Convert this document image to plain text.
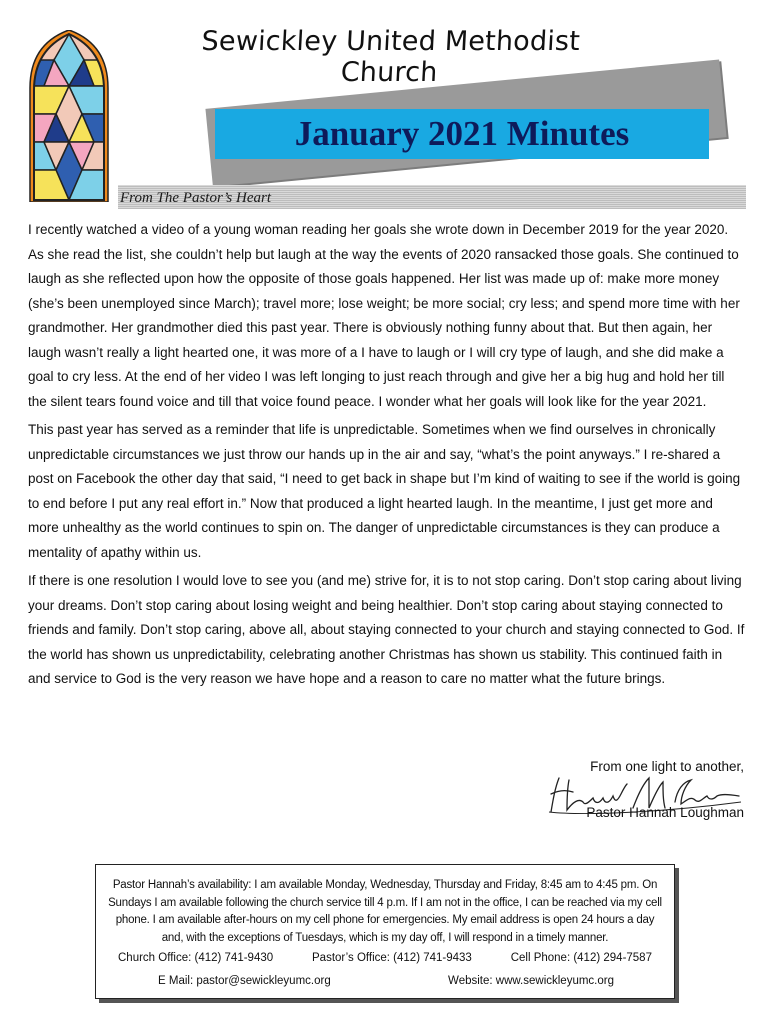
Sewickley United Methodist Church
January 2021 Minutes
From The Pastor’s Heart

I recently watched a video of a young woman reading her goals she wrote down in December 2019 for the year 2020. As she read the list, she couldn’t help but laugh at the way the events of 2020 ransacked those goals. She continued to laugh as she reflected upon how the opposite of those goals happened. Her list was made up of: make more money (she’s been unemployed since March); travel more; lose weight; be more social; cry less; and spend more time with her grandmother. Her grandmother died this past year. There is obviously nothing funny about that. But then again, her laugh wasn’t really a light hearted one, it was more of a I have to laugh or I will cry type of laugh, and she did make a goal to cry less. At the end of her video I was left longing to just reach through and give her a big hug and hold her till the silent tears found voice and till that voice found peace. I wonder what her goals will look like for the year 2021.

This past year has served as a reminder that life is unpredictable. Sometimes when we find ourselves in chronically unpredictable circumstances we just throw our hands up in the air and say, “what’s the point anyways.” I re-shared a post on Facebook the other day that said, “I need to get back in shape but I’m kind of waiting to see if the world is going to end before I put any real effort in.” Now that produced a light hearted laugh. In the meantime, I just get more and more unhealthy as the world continues to spin on. The danger of unpredictable circumstances is they can produce a mentality of apathy within us.

If there is one resolution I would love to see you (and me) strive for, it is to not stop caring. Don’t stop caring about living your dreams. Don’t stop caring about losing weight and being healthier. Don’t stop caring about staying connected to friends and family. Don’t stop caring, above all, about staying connected to your church and staying connected to God. If the world has shown us unpredictability, celebrating another Christmas has shown us stability. This continued faith in and service to God is the very reason we have hope and a reason to care no matter what the future brings.

From one light to another,
Pastor Hannah Loughman
Pastor Hannah’s availability: I am available Monday, Wednesday, Thursday and Friday, 8:45 am to 4:45 pm. On Sundays I am available following the church service till 4 p.m. If I am not in the office, I can be reached via my cell phone. I am available after-hours on my cell phone for emergencies. My email address is open 24 hours a day and, with the exceptions of Tuesdays, which is my day off, I will respond in a timely manner.
Church Office: (412) 741-9430	Pastor’s Office: (412) 741-9433	Cell Phone: (412) 294-7587
E Mail: pastor@sewickleyumc.org	Website: www.sewickleyumc.org
